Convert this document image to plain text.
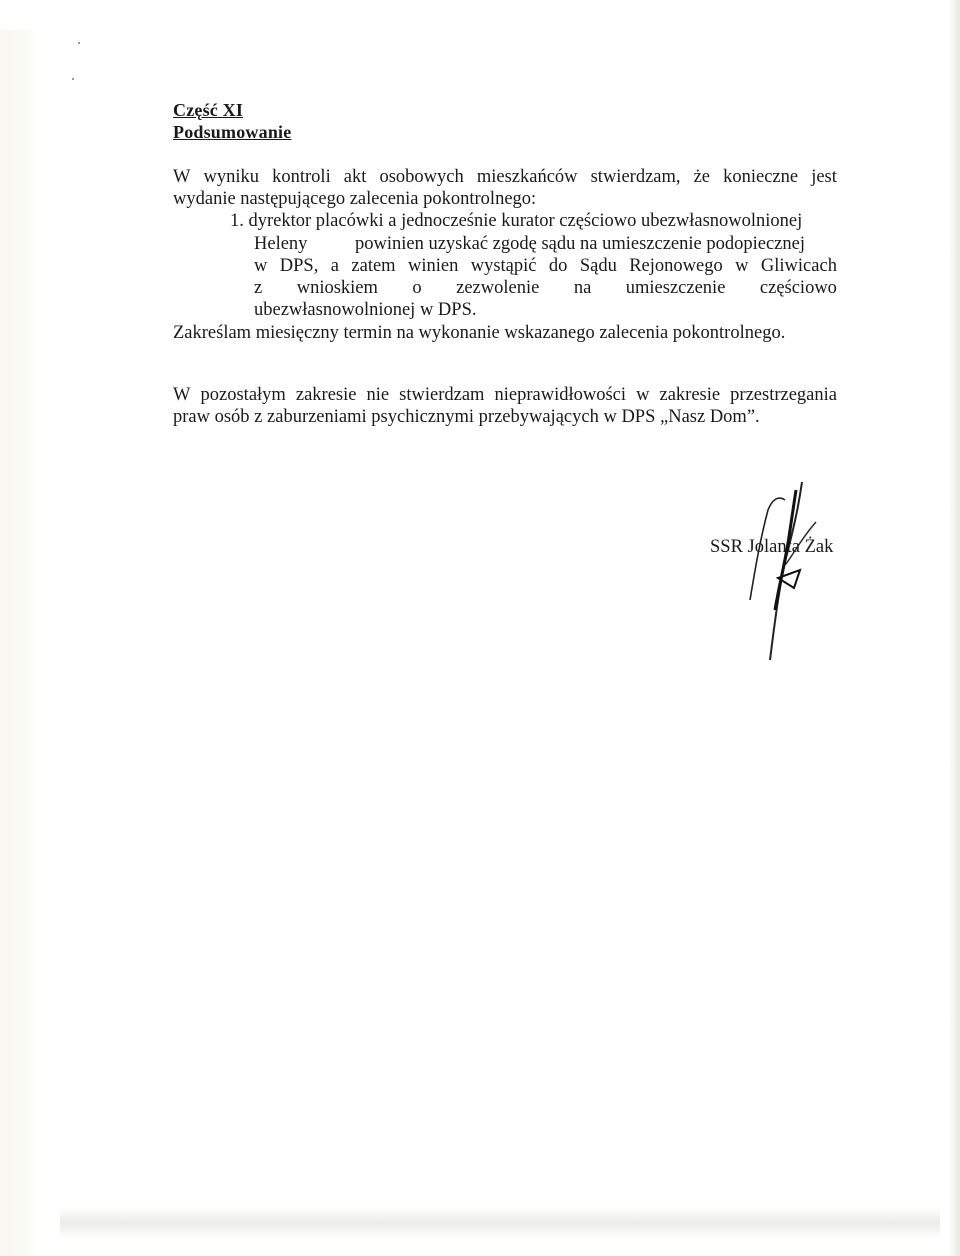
Część XI
Podsumowanie
W wyniku kontroli akt osobowych mieszkańców stwierdzam, że konieczne jest
wydanie następującego zalecenia pokontrolnego:
1. dyrektor placówki a jednocześnie kurator częściowo ubezwłasnowolnionej
Heleny	powinien uzyskać zgodę sądu na umieszczenie podopiecznej
w DPS, a zatem winien wystąpić do Sądu Rejonowego w Gliwicach
z wnioskiem o zezwolenie na umieszczenie częściowo
ubezwłasnowolnionej w DPS.
Zakreślam miesięczny termin na wykonanie wskazanego zalecenia pokontrolnego.
W pozostałym zakresie nie stwierdzam nieprawidłowości w zakresie przestrzegania
praw osób z zaburzeniami psychicznymi przebywających w DPS „Nasz Dom”.
SSR Jolanta Żak
